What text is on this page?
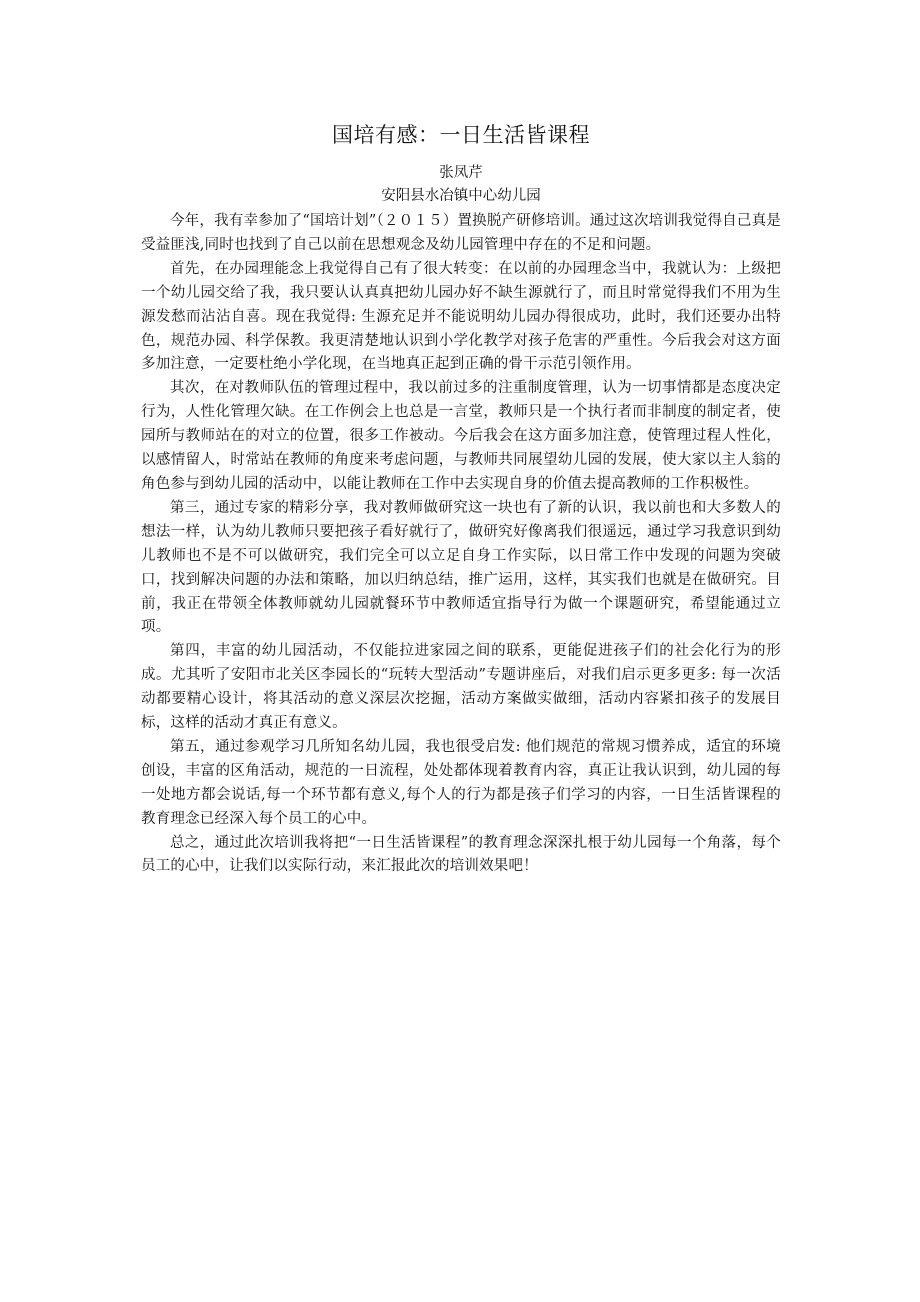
国培有感：一日生活皆课程

张凤芹

安阳县水冶镇中心幼儿园

今年，我有幸参加了“国培计划”（２０１５）置换脱产研修培训。通过这次培训我觉得自己真是受益匪浅,同时也找到了自己以前在思想观念及幼儿园管理中存在的不足和问题。

首先，在办园理能念上我觉得自己有了很大转变：在以前的办园理念当中，我就认为：上级把一个幼儿园交给了我，我只要认认真真把幼儿园办好不缺生源就行了，而且时常觉得我们不用为生源发愁而沾沾自喜。现在我觉得: 生源充足并不能说明幼儿园办得很成功，此时，我们还要办出特色，规范办园、科学保教。我更清楚地认识到小学化教学对孩子危害的严重性。今后我会对这方面多加注意，一定要杜绝小学化现，在当地真正起到正确的骨干示范引领作用。

其次，在对教师队伍的管理过程中，我以前过多的注重制度管理，认为一切事情都是态度决定行为，人性化管理欠缺。在工作例会上也总是一言堂，教师只是一个执行者而非制度的制定者，使园所与教师站在的对立的位置，很多工作被动。今后我会在这方面多加注意，使管理过程人性化，以感情留人，时常站在教师的角度来考虑问题，与教师共同展望幼儿园的发展，使大家以主人翁的角色参与到幼儿园的活动中，以能让教师在工作中去实现自身的价值去提高教师的工作积极性。

第三，通过专家的精彩分享，我对教师做研究这一块也有了新的认识，我以前也和大多数人的想法一样，认为幼儿教师只要把孩子看好就行了，做研究好像离我们很遥远，通过学习我意识到幼儿教师也不是不可以做研究，我们完全可以立足自身工作实际，以日常工作中发现的问题为突破口，找到解决问题的办法和策略，加以归纳总结，推广运用，这样，其实我们也就是在做研究。目前，我正在带领全体教师就幼儿园就餐环节中教师适宜指导行为做一个课题研究，希望能通过立项。

第四，丰富的幼儿园活动，不仅能拉进家园之间的联系，更能促进孩子们的社会化行为的形成。尤其听了安阳市北关区李园长的“玩转大型活动”专题讲座后，对我们启示更多更多: 每一次活动都要精心设计，将其活动的意义深层次挖掘，活动方案做实做细，活动内容紧扣孩子的发展目标，这样的活动才真正有意义。

第五，通过参观学习几所知名幼儿园，我也很受启发: 他们规范的常规习惯养成，适宜的环境创设，丰富的区角活动，规范的一日流程，处处都体现着教育内容，真正让我认识到，幼儿园的每一处地方都会说话,每一个环节都有意义,每个人的行为都是孩子们学习的内容，一日生活皆课程的教育理念已经深入每个员工的心中。

总之，通过此次培训我将把“一日生活皆课程”的教育理念深深扎根于幼儿园每一个角落，每个员工的心中，让我们以实际行动，来汇报此次的培训效果吧！
